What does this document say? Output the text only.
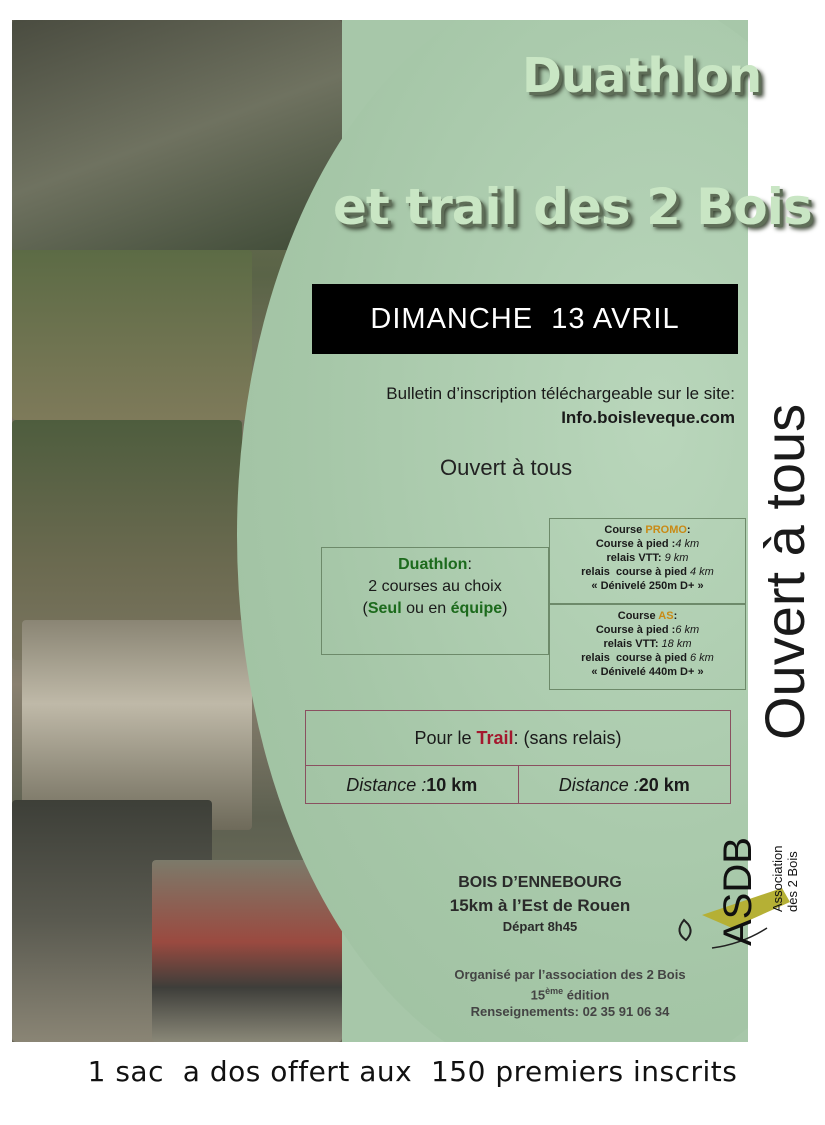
Duathlon
et trail des 2 Bois
DIMANCHE  13 AVRIL
Bulletin d’inscription téléchargeable sur le site:
Info.boisleveque.com
Ouvert à tous
Duathlon:
2 courses au choix
(Seul ou en équipe)
Course PROMO:
Course à pied :4 km
relais VTT: 9 km
relais  course à pied 4 km
« Dénivelé 250m D+ »
Course AS:
Course à pied :6 km
relais VTT: 18 km
relais  course à pied 6 km
« Dénivelé 440m D+ »
Pour le Trail : (sans relais)
Distance : 10 km	Distance : 20 km
BOIS D’ENNEBOURG
15km à l’Est de Rouen
Départ 8h45
Organisé par l’association des 2 Bois
15ème édition
Renseignements: 02 35 91 06 34
Ouvert à tous
ASDB Association des 2 Bois
1 sac  a dos offert aux  150 premiers inscrits
